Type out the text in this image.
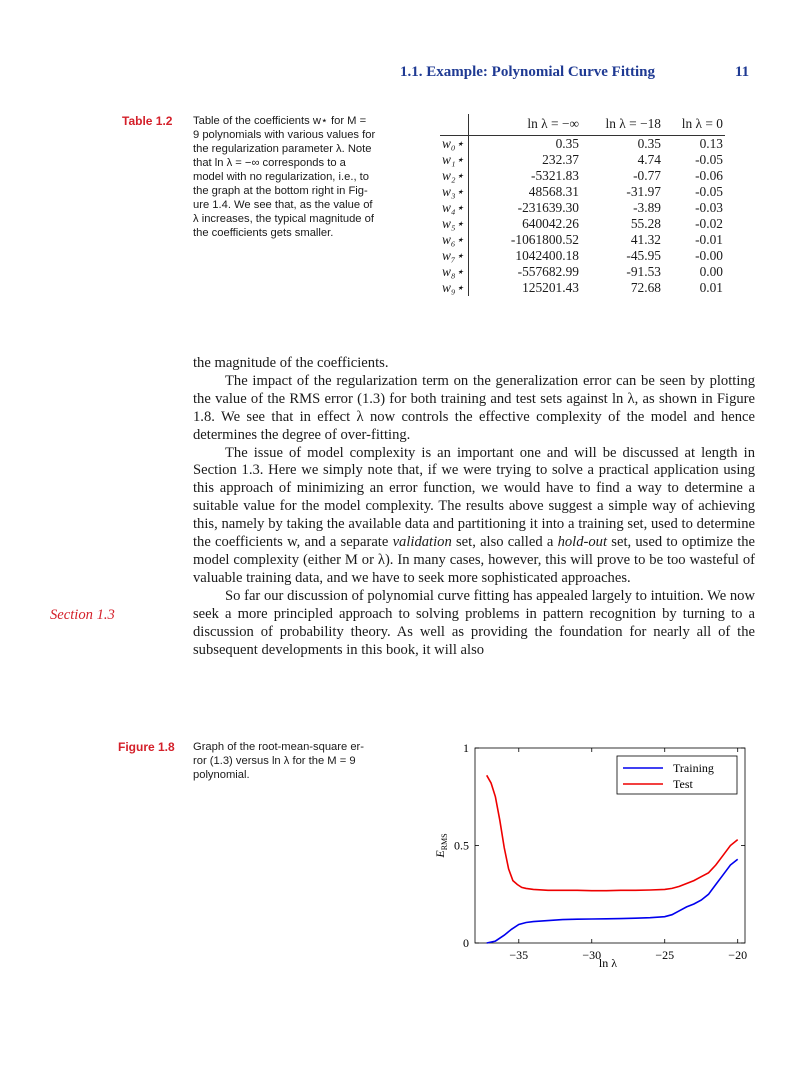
1.1. Example: Polynomial Curve Fitting	11
Table 1.2 Table of the coefficients w⋆ for M =
9 polynomials with various values for
the regularization parameter λ. Note
that ln λ = −∞ corresponds to a
model with no regularization, i.e., to
the graph at the bottom right in Fig-
ure 1.4. We see that, as the value of
λ increases, the typical magnitude of
the coefficients gets smaller.
	ln λ = −∞	ln λ = −18	ln λ = 0
w₀⋆	0.35	0.35	0.13
w₁⋆	232.37	4.74	-0.05
w₂⋆	-5321.83	-0.77	-0.06
w₃⋆	48568.31	-31.97	-0.05
w₄⋆	-231639.30	-3.89	-0.03
w₅⋆	640042.26	55.28	-0.02
w₆⋆	-1061800.52	41.32	-0.01
w₇⋆	1042400.18	-45.95	-0.00
w₈⋆	-557682.99	-91.53	0.00
w₉⋆	125201.43	72.68	0.01

the magnitude of the coefficients.

The impact of the regularization term on the generalization error can be seen by plotting the value of the RMS error (1.3) for both training and test sets against ln λ, as shown in Figure 1.8. We see that in effect λ now controls the effective complexity of the model and hence determines the degree of over-fitting.

The issue of model complexity is an important one and will be discussed at length in Section 1.3. Here we simply note that, if we were trying to solve a practical application using this approach of minimizing an error function, we would have to find a way to determine a suitable value for the model complexity. The results above suggest a simple way of achieving this, namely by taking the available data and partitioning it into a training set, used to determine the coefficients w, and a separate validation set, also called a hold-out set, used to optimize the model complexity (either M or λ). In many cases, however, this will prove to be too wasteful of valuable training data, and we have to seek more sophisticated approaches.

So far our discussion of polynomial curve fitting has appealed largely to intuition. We now seek a more principled approach to solving problems in pattern recognition by turning to a discussion of probability theory. As well as providing the foundation for nearly all of the subsequent developments in this book, it will also

Section 1.3
Figure 1.8 Graph of the root-mean-square er-
ror (1.3) versus ln λ for the M = 9
polynomial.
−35	−30	−25	−20
0
0.5
1
ln λ
$E_{RMS}$
Training
Test
